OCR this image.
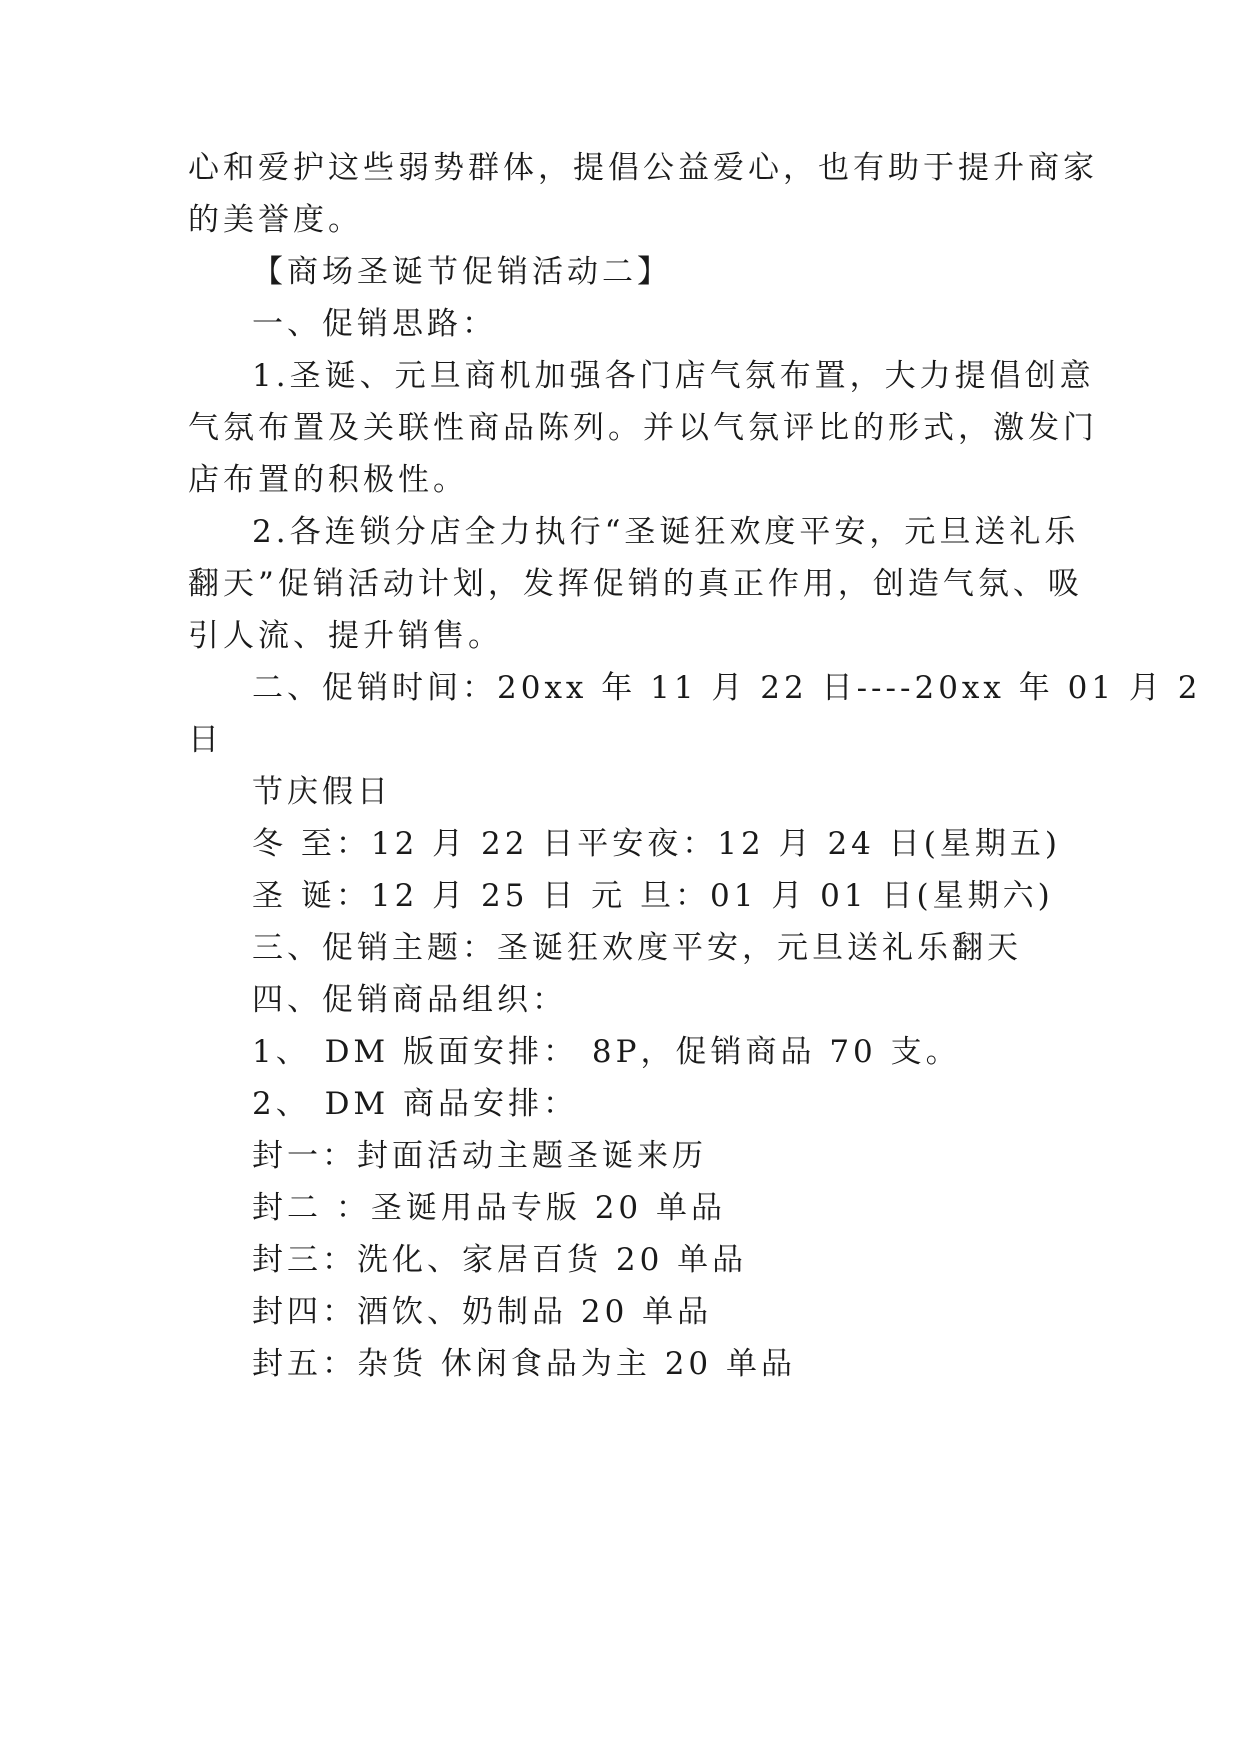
心和爱护这些弱势群体，提倡公益爱心，也有助于提升商家
的美誉度。
【商场圣诞节促销活动二】
一、促销思路：
1.圣诞、元旦商机加强各门店气氛布置，大力提倡创意
气氛布置及关联性商品陈列。并以气氛评比的形式，激发门
店布置的积极性。
2.各连锁分店全力执行“圣诞狂欢度平安，元旦送礼乐
翻天”促销活动计划，发挥促销的真正作用，创造气氛、吸
引人流、提升销售。
二、促销时间：20xx 年 11 月 22 日----20xx 年 01 月 2
日
节庆假日
冬 至：12 月 22 日平安夜：12 月 24 日(星期五)
圣 诞：12 月 25 日 元 旦：01 月 01 日(星期六)
三、促销主题：圣诞狂欢度平安，元旦送礼乐翻天
四、促销商品组织：
1、 DM 版面安排： 8P，促销商品 70 支。
2、 DM 商品安排：
封一：封面活动主题圣诞来历
封二 ：圣诞用品专版 20 单品
封三：洗化、家居百货 20 单品
封四：酒饮、奶制品 20 单品
封五：杂货 休闲食品为主 20 单品
